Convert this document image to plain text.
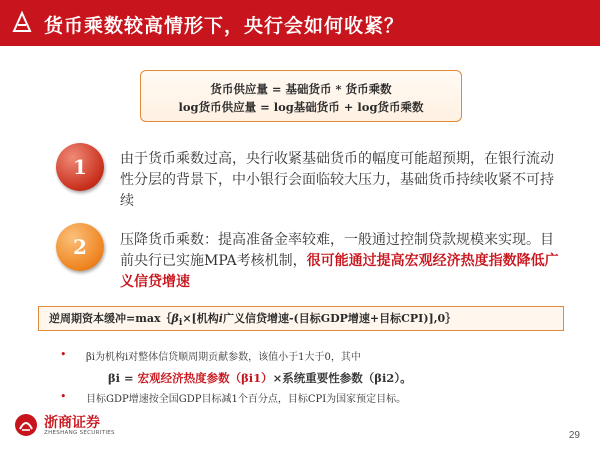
货币乘数较高情形下，央行会如何收紧？
货币供应量 = 基础货币 * 货币乘数
log货币供应量 = log基础货币 + log货币乘数
1	由于货币乘数过高，央行收紧基础货币的幅度可能超预期，在银行流动性分层的背景下，中小银行会面临较大压力，基础货币持续收紧不可持续
2	压降货币乘数：提高准备金率较难，一般通过控制贷款规模来实现。目前央行已实施MPA考核机制，很可能通过提高宏观经济热度指数降低广义信贷增速
逆周期资本缓冲$=\max\{\beta_i\times$[机构i广义信贷增速-(目标GDP增速+目标CPI)],0｝
• βi为机构i对整体信贷顺周期贡献参数，该值小于1大于0，其中
βi = 宏观经济热度参数（βi1）×系统重要性参数（βi2）。
• 目标GDP增速按全国GDP目标减1个百分点，目标CPI为国家预定目标。
浙商证券
ZHESHANG SECURITIES	29
